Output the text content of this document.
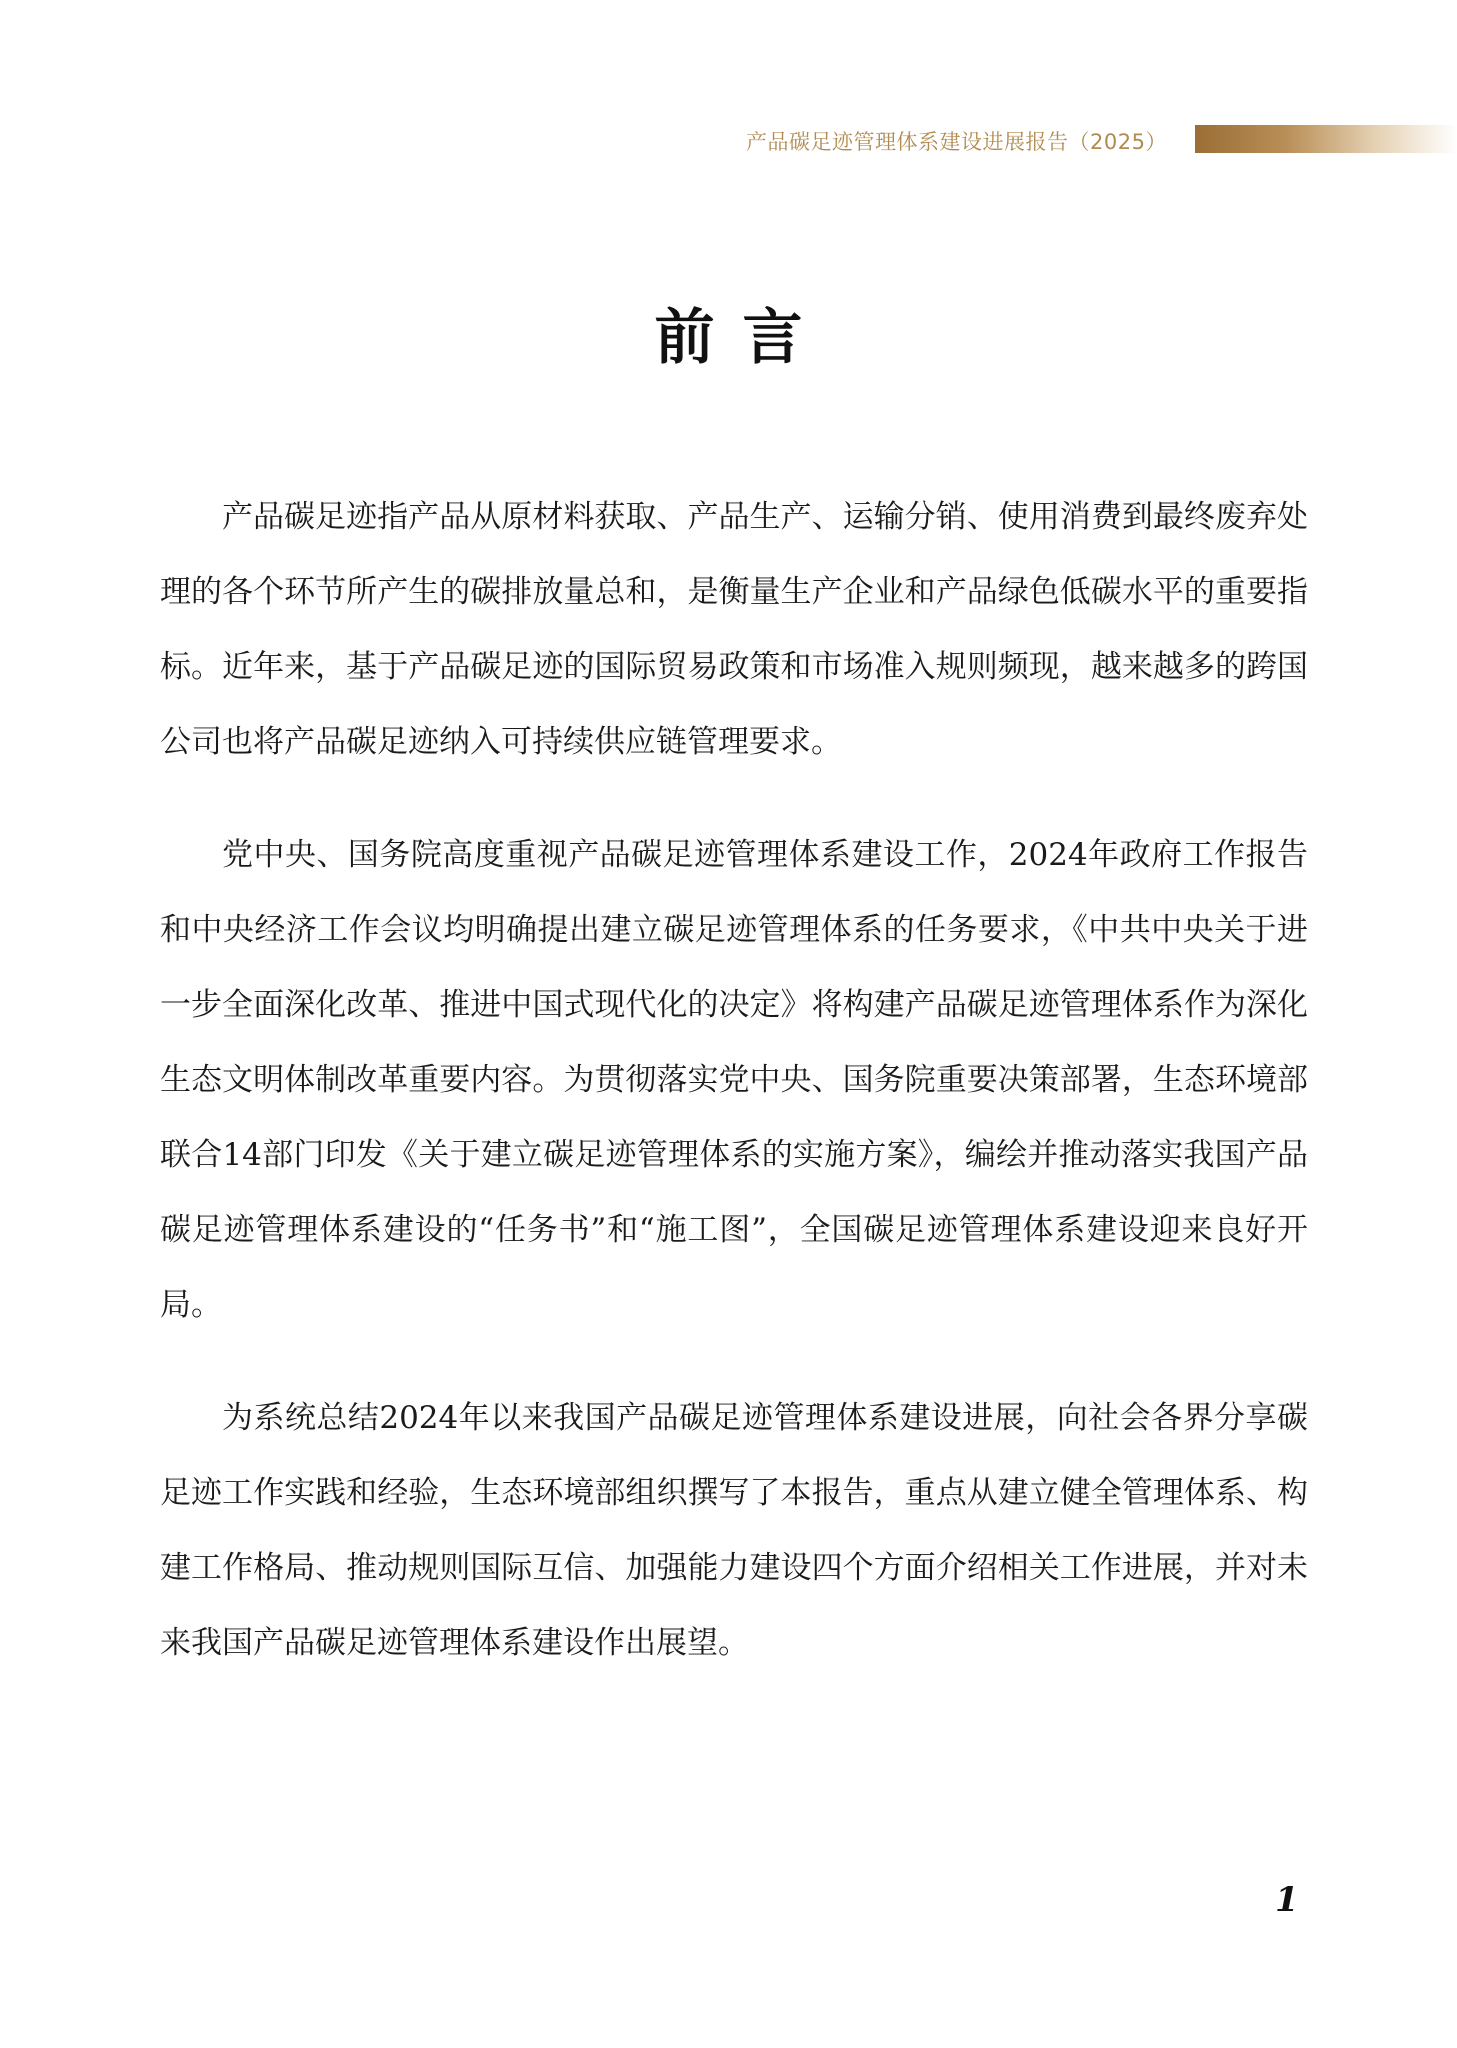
产品碳足迹管理体系建设进展报告（2025）
前言

产品碳足迹指产品从原材料获取、产品生产、运输分销、使用消费到最终废弃处理的各个环节所产生的碳排放量总和，是衡量生产企业和产品绿色低碳水平的重要指标。近年来，基于产品碳足迹的国际贸易政策和市场准入规则频现，越来越多的跨国公司也将产品碳足迹纳入可持续供应链管理要求。

党中央、国务院高度重视产品碳足迹管理体系建设工作，2024年政府工作报告和中央经济工作会议均明确提出建立碳足迹管理体系的任务要求，《中共中央关于进一步全面深化改革、推进中国式现代化的决定》将构建产品碳足迹管理体系作为深化生态文明体制改革重要内容。为贯彻落实党中央、国务院重要决策部署，生态环境部联合14部门印发《关于建立碳足迹管理体系的实施方案》，编绘并推动落实我国产品碳足迹管理体系建设的“任务书”和“施工图”，全国碳足迹管理体系建设迎来良好开局。

为系统总结2024年以来我国产品碳足迹管理体系建设进展，向社会各界分享碳足迹工作实践和经验，生态环境部组织撰写了本报告，重点从建立健全管理体系、构建工作格局、推动规则国际互信、加强能力建设四个方面介绍相关工作进展，并对未来我国产品碳足迹管理体系建设作出展望。

1
